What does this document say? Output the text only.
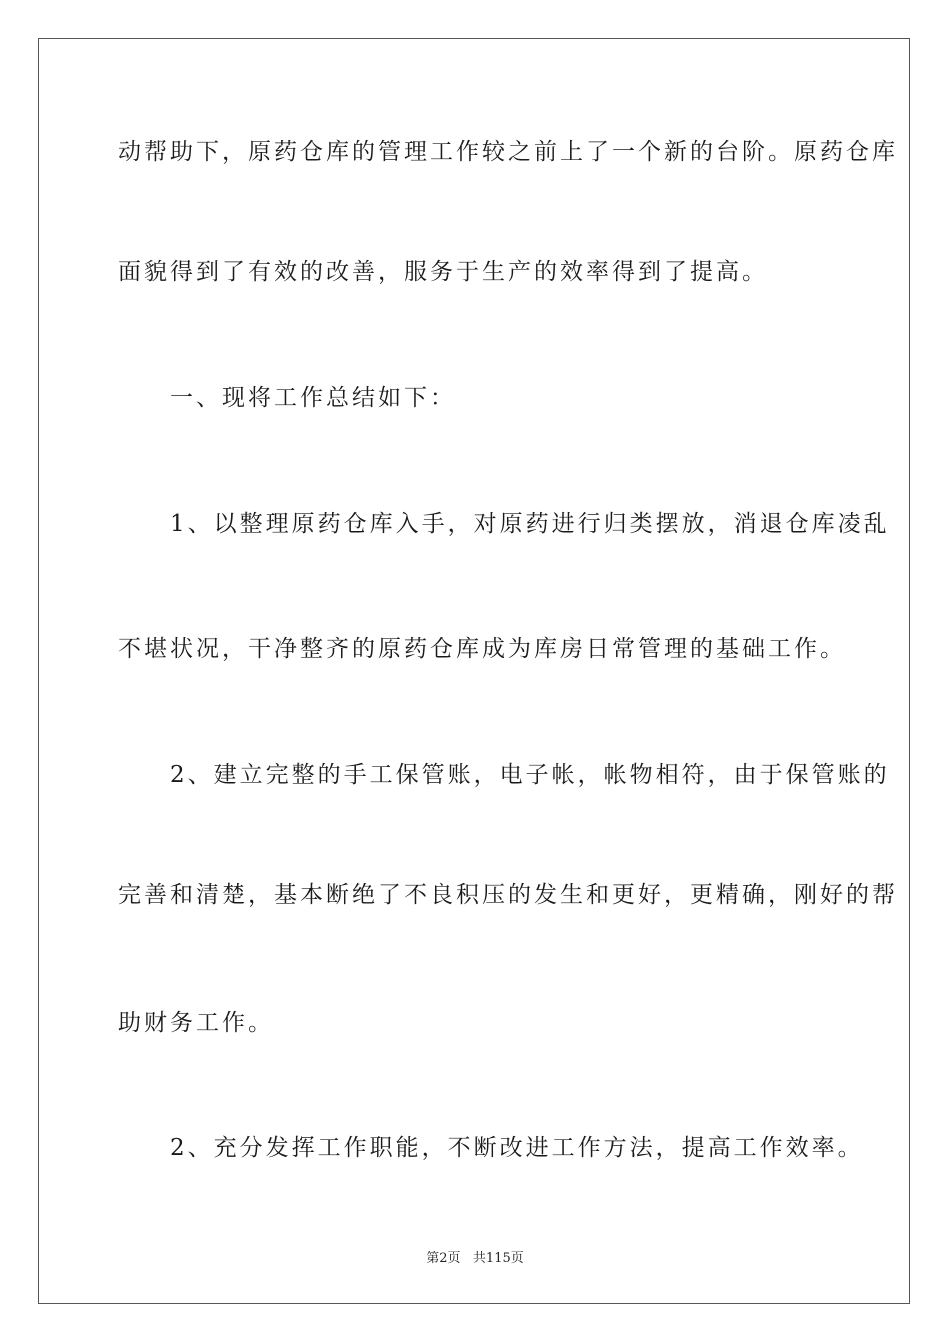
动帮助下，原药仓库的管理工作较之前上了一个新的台阶。原药仓库
面貌得到了有效的改善，服务于生产的效率得到了提高。
　　一、现将工作总结如下：
　　1、以整理原药仓库入手，对原药进行归类摆放，消退仓库凌乱
不堪状况，干净整齐的原药仓库成为库房日常管理的基础工作。
　　2、建立完整的手工保管账，电子帐，帐物相符，由于保管账的
完善和清楚，基本断绝了不良积压的发生和更好，更精确，刚好的帮
助财务工作。
　　2、充分发挥工作职能，不断改进工作方法，提高工作效率。
第2页   共115页
